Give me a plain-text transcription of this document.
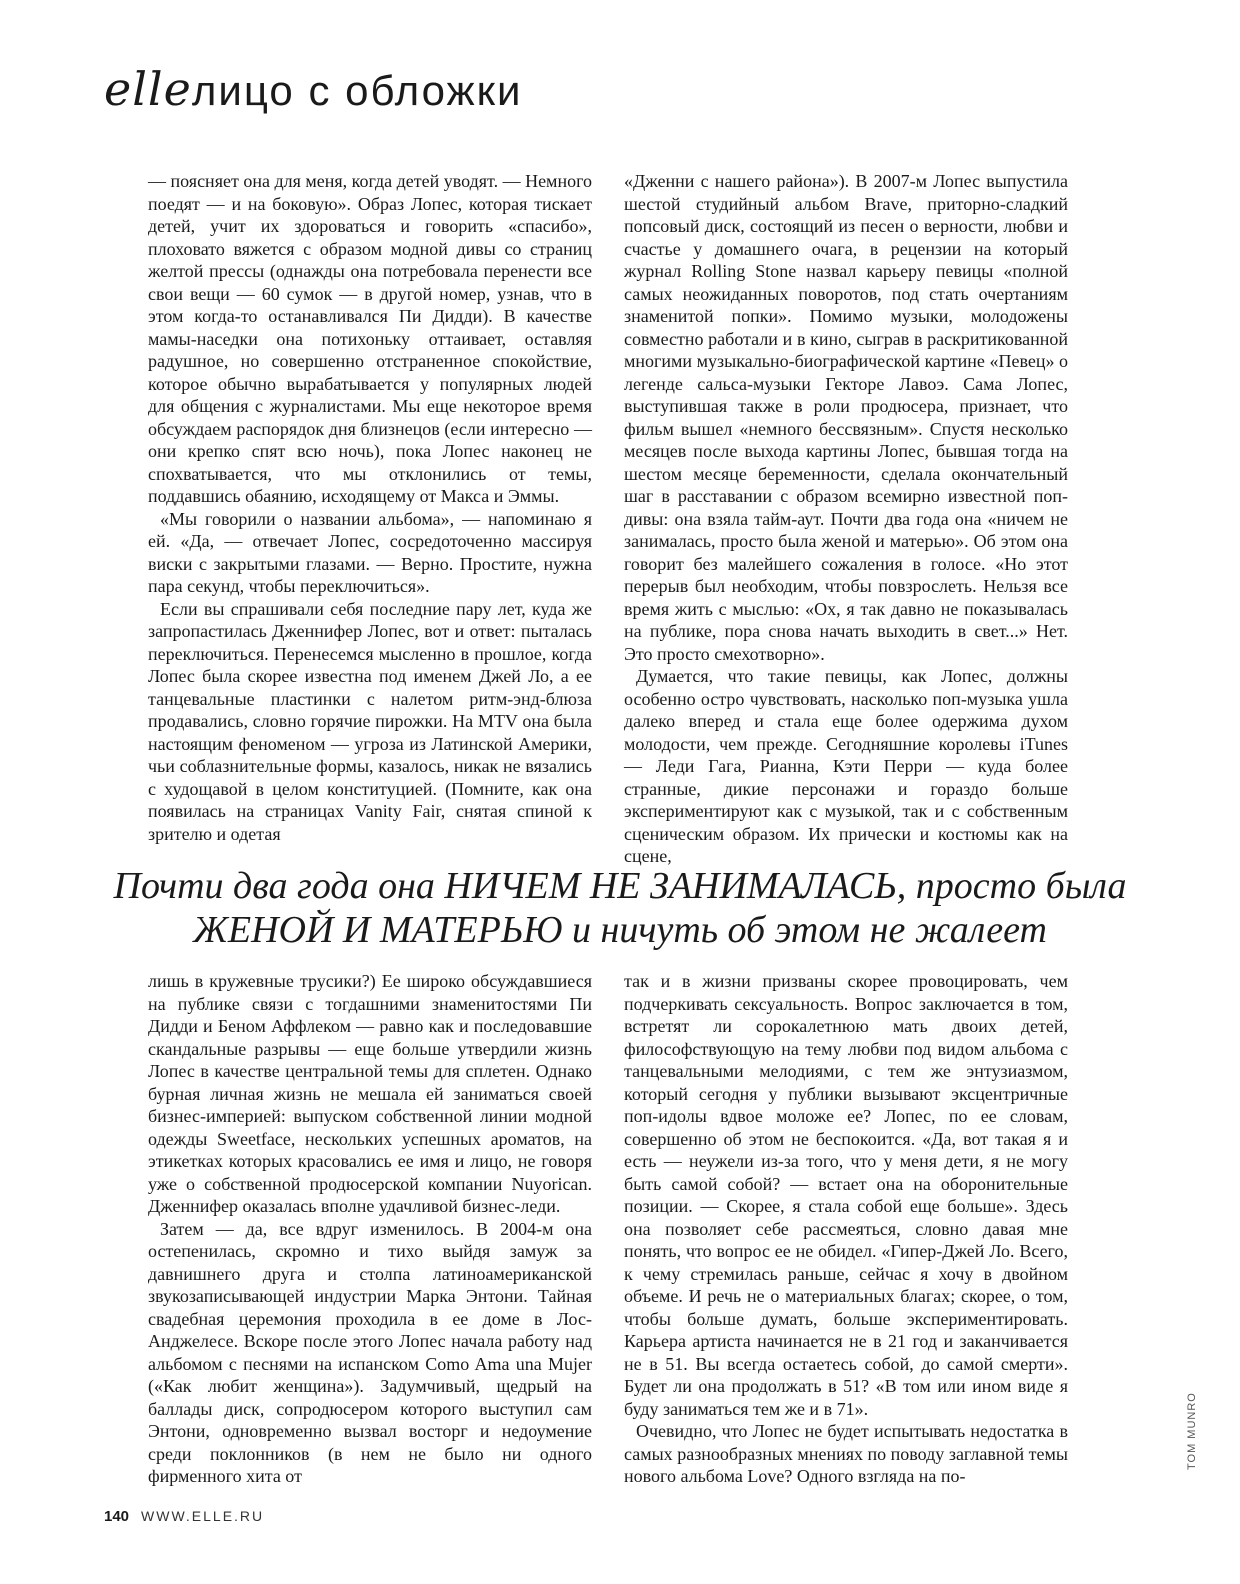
elleлицо с обложки

— поясняет она для меня, когда детей уводят. — Немного поедят — и на боковую». Образ Лопес, которая тискает детей, учит их здороваться и говорить «спасибо», плоховато вяжется с образом модной дивы со страниц желтой прессы (однажды она потребовала перенести все свои вещи — 60 сумок — в другой номер, узнав, что в этом когда-то останавливался Пи Дидди). В качестве мамы-наседки она потихоньку оттаивает, оставляя радушное, но совершенно отстраненное спокойствие, которое обычно вырабатывается у популярных людей для общения с журналистами. Мы еще некоторое время обсуждаем распорядок дня близнецов (если интересно — они крепко спят всю ночь), пока Лопес наконец не спохватывается, что мы отклонились от темы, поддавшись обаянию, исходящему от Макса и Эммы.

«Мы говорили о названии альбома», — напоминаю я ей. «Да, — отвечает Лопес, сосредоточенно массируя виски с закрытыми глазами. — Верно. Простите, нужна пара секунд, чтобы переключиться».

Если вы спрашивали себя последние пару лет, куда же запропастилась Дженнифер Лопес, вот и ответ: пыталась переключиться. Перенесемся мысленно в прошлое, когда Лопес была скорее известна под именем Джей Ло, а ее танцевальные пластинки с налетом ритм-энд-блюза продавались, словно горячие пирожки. На MTV она была настоящим феноменом — угроза из Латинской Америки, чьи соблазнительные формы, казалось, никак не вязались с худощавой в целом конституцией. (Помните, как она появилась на страницах Vanity Fair, снятая спиной к зрителю и одетая

«Дженни с нашего района»). В 2007-м Лопес выпустила шестой студийный альбом Brave, приторно-сладкий попсовый диск, состоящий из песен о верности, любви и счастье у домашнего очага, в рецензии на который журнал Rolling Stone назвал карьеру певицы «полной самых неожиданных поворотов, под стать очертаниям знаменитой попки». Помимо музыки, молодожены совместно работали и в кино, сыграв в раскритикованной многими музыкально-биографической картине «Певец» о легенде сальса-музыки Гекторе Лавоэ. Сама Лопес, выступившая также в роли продюсера, признает, что фильм вышел «немного бессвязным». Спустя несколько месяцев после выхода картины Лопес, бывшая тогда на шестом месяце беременности, сделала окончательный шаг в расставании с образом всемирно известной поп-дивы: она взяла тайм-аут. Почти два года она «ничем не занималась, просто была женой и матерью». Об этом она говорит без малейшего сожаления в голосе. «Но этот перерыв был необходим, чтобы повзрослеть. Нельзя все время жить с мыслью: «Ох, я так давно не показывалась на публике, пора снова начать выходить в свет...» Нет. Это просто смехотворно».

Думается, что такие певицы, как Лопес, должны особенно остро чувствовать, насколько поп-музыка ушла далеко вперед и стала еще более одержима духом молодости, чем прежде. Сегодняшние королевы iTunes — Леди Гага, Рианна, Кэти Перри — куда более странные, дикие персонажи и гораздо больше экспериментируют как с музыкой, так и с собственным сценическим образом. Их прически и костюмы как на сцене,

Почти два года она НИЧЕМ НЕ ЗАНИМАЛАСЬ, просто была ЖЕНОЙ И МАТЕРЬЮ и ничуть об этом не жалеет

лишь в кружевные трусики?) Ее широко обсуждавшиеся на публике связи с тогдашними знаменитостями Пи Дидди и Беном Аффлеком — равно как и последовавшие скандальные разрывы — еще больше утвердили жизнь Лопес в качестве центральной темы для сплетен. Однако бурная личная жизнь не мешала ей заниматься своей бизнес-империей: выпуском собственной линии модной одежды Sweetface, нескольких успешных ароматов, на этикетках которых красовались ее имя и лицо, не говоря уже о собственной продюсерской компании Nuyorican. Дженнифер оказалась вполне удачливой бизнес-леди.

Затем — да, все вдруг изменилось. В 2004-м она остепенилась, скромно и тихо выйдя замуж за давнишнего друга и столпа латиноамериканской звукозаписывающей индустрии Марка Энтони. Тайная свадебная церемония проходила в ее доме в Лос-Анджелесе. Вскоре после этого Лопес начала работу над альбомом с песнями на испанском Como Ama una Mujer («Как любит женщина»). Задумчивый, щедрый на баллады диск, сопродюсером которого выступил сам Энтони, одновременно вызвал восторг и недоумение среди поклонников (в нем не было ни одного фирменного хита от

так и в жизни призваны скорее провоцировать, чем подчеркивать сексуальность. Вопрос заключается в том, встретят ли сорокалетнюю мать двоих детей, философствующую на тему любви под видом альбома с танцевальными мелодиями, с тем же энтузиазмом, который сегодня у публики вызывают эксцентричные поп-идолы вдвое моложе ее? Лопес, по ее словам, совершенно об этом не беспокоится. «Да, вот такая я и есть — неужели из-за того, что у меня дети, я не могу быть самой собой? — встает она на оборонительные позиции. — Скорее, я стала собой еще больше». Здесь она позволяет себе рассмеяться, словно давая мне понять, что вопрос ее не обидел. «Гипер-Джей Ло. Всего, к чему стремилась раньше, сейчас я хочу в двойном объеме. И речь не о материальных благах; скорее, о том, чтобы больше думать, больше экспериментировать. Карьера артиста начинается не в 21 год и заканчивается не в 51. Вы всегда остаетесь собой, до самой смерти». Будет ли она продолжать в 51? «В том или ином виде я буду заниматься тем же и в 71».

Очевидно, что Лопес не будет испытывать недостатка в самых разнообразных мнениях по поводу заглавной темы нового альбома Love? Одного взгляда на по-

140 WWW.ELLE.RU
TOM MUNRO
